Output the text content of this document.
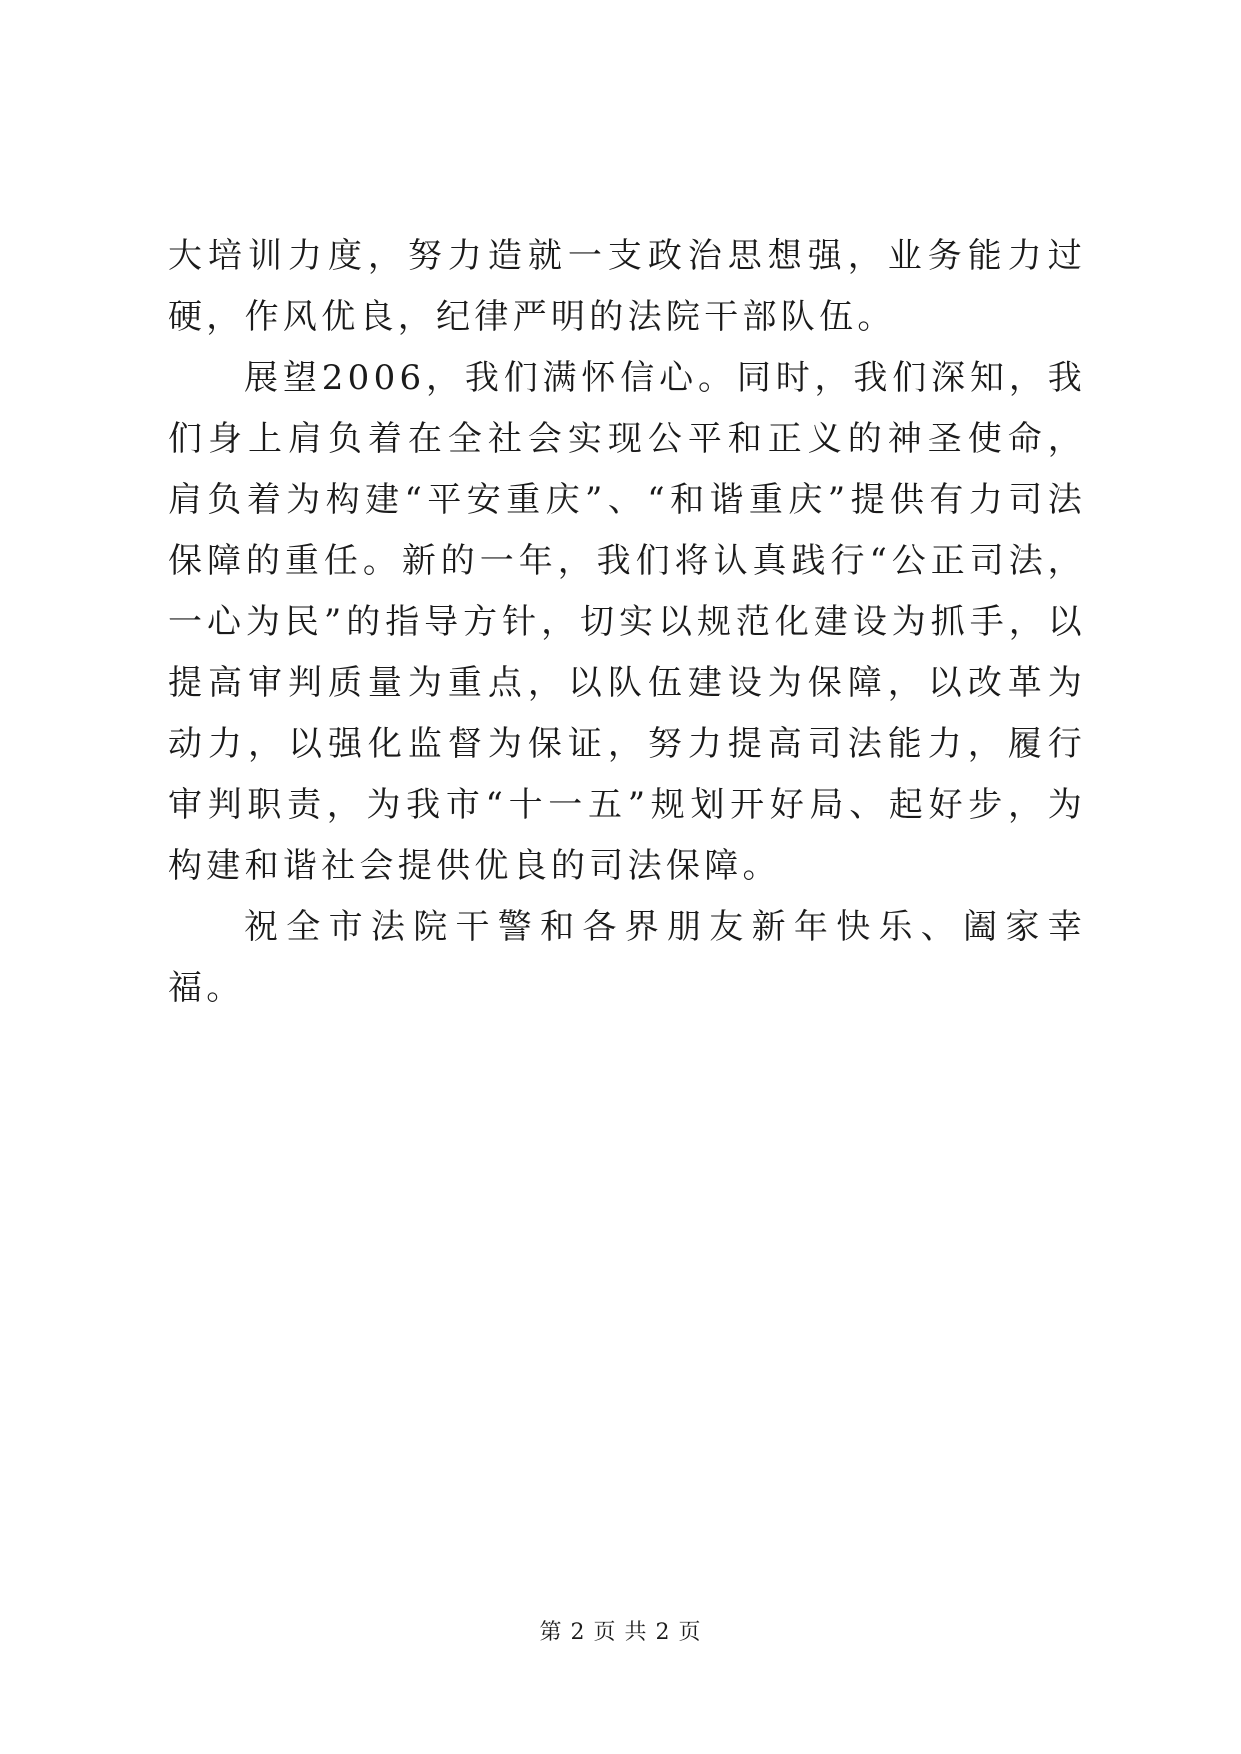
大培训力度，努力造就一支政治思想强，业务能力过硬，作风优良，纪律严明的法院干部队伍。

展望2006，我们满怀信心。同时，我们深知，我们身上肩负着在全社会实现公平和正义的神圣使命，肩负着为构建“平安重庆”、“和谐重庆”提供有力司法保障的重任。新的一年，我们将认真践行“公正司法，一心为民”的指导方针，切实以规范化建设为抓手，以提高审判质量为重点，以队伍建设为保障，以改革为动力，以强化监督为保证，努力提高司法能力，履行审判职责，为我市“十一五”规划开好局、起好步，为构建和谐社会提供优良的司法保障。

祝全市法院干警和各界朋友新年快乐、阖家幸福。

第 2 页 共 2 页
